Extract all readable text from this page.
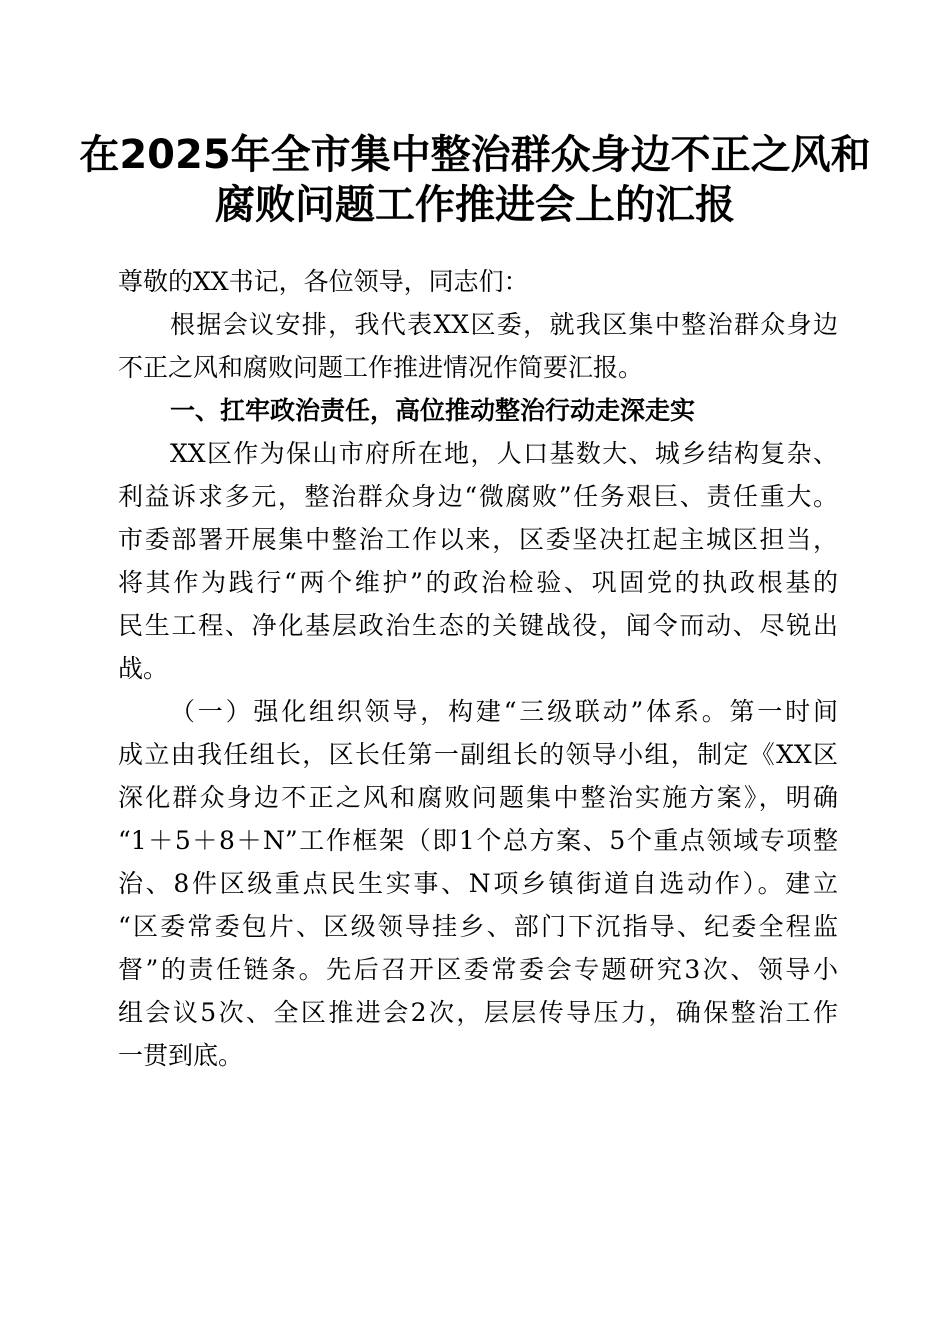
在2025年全市集中整治群众身边不正之风和
腐败问题工作推进会上的汇报
尊敬的XX书记，各位领导，同志们：
根据会议安排，我代表XX区委，就我区集中整治群众身边
不正之风和腐败问题工作推进情况作简要汇报。
一、扛牢政治责任，高位推动整治行动走深走实
XX区作为保山市府所在地，人口基数大、城乡结构复杂、
利益诉求多元，整治群众身边“微腐败”任务艰巨、责任重大。
市委部署开展集中整治工作以来，区委坚决扛起主城区担当，
将其作为践行“两个维护”的政治检验、巩固党的执政根基的
民生工程、净化基层政治生态的关键战役，闻令而动、尽锐出
战。
（一）强化组织领导，构建“三级联动”体系。第一时间
成立由我任组长，区长任第一副组长的领导小组，制定《XX区
深化群众身边不正之风和腐败问题集中整治实施方案》，明确
“1＋5＋8＋N”工作框架（即1个总方案、5个重点领域专项整
治、8件区级重点民生实事、N项乡镇街道自选动作）。建立
“区委常委包片、区级领导挂乡、部门下沉指导、纪委全程监
督”的责任链条。先后召开区委常委会专题研究3次、领导小
组会议5次、全区推进会2次，层层传导压力，确保整治工作
一贯到底。
